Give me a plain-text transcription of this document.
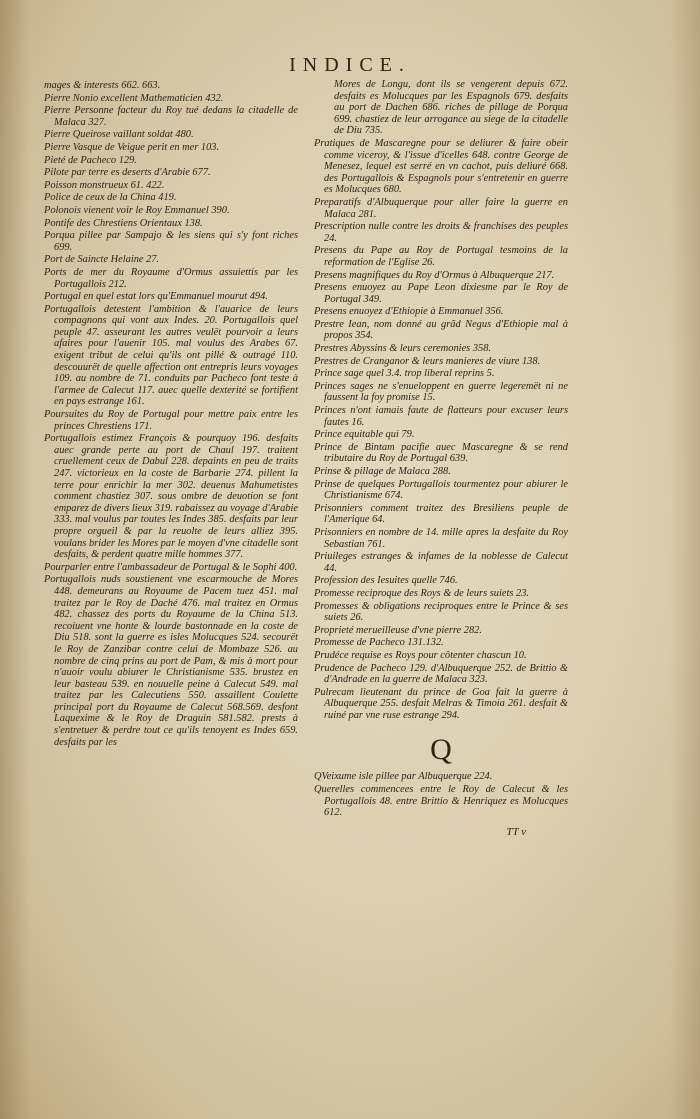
INDICE.

mages & interests 662. 663.

Pierre Nonio excellent Mathematicien 432.

Pierre Personne facteur du Roy tué dedans la citadelle de Malaca 327.

Pierre Queirose vaillant soldat 480.

Pierre Vasque de Veigue perit en mer 103.

Pieté de Pacheco 129.

Pilote par terre es deserts d'Arabie 677.

Poisson monstrueux 61. 422.

Police de ceux de la China 419.

Polonois vienent voir le Roy Emmanuel 390.

Pontife des Chrestiens Orientaux 138.

Porqua pillee par Sampajo & les siens qui s'y font riches 699.

Port de Saincte Helaine 27.

Ports de mer du Royaume d'Ormus assuiettis par les Portugallois 212.

Portugal en quel estat lors qu'Emmanuel mourut 494.

Portugallois detestent l'ambition & l'auarice de leurs compagnons qui vont aux Indes. 20. Portugallois quel peuple 47. asseurant les autres veulët pourvoir a leurs afaires pour l'auenir 105. mal voulus des Arabes 67. exigent tribut de celui qu'ils ont pillé & outragé 110. descouurët de quelle affection ont entrepris leurs voyages 109. au nombre de 71. conduits par Pacheco font teste à l'armee de Calecut 117. auec quelle dexterité se fortifient en pays estrange 161.

Poursuites du Roy de Portugal pour mettre paix entre les princes Chrestiens 171.

Portugallois estimez François & pourquoy 196. desfaits auec grande perte au port de Chaul 197. traitent cruellement ceux de Dabul 228. depaints en peu de traits 247. victorieux en la coste de Barbarie 274. pillent la terre pour enrichir la mer 302. deuenus Mahumetistes comment chastiez 307. sous ombre de deuotion se font emparez de divers lieux 319. rabaissez au voyage d'Arabie 333. mal voulus par toutes les Indes 385. desfaits par leur propre orgueil & par la reuolte de leurs alliez 395. voulans brider les Mores par le moyen d'vne citadelle sont desfaits, & perdent quatre mille hommes 377.

Pourparler entre l'ambassadeur de Portugal & le Sophi 400.

Portugallois nuds soustienent vne escarmouche de Mores 448. demeurans au Royaume de Pacem tuez 451. mal traitez par le Roy de Daché 476. mal traitez en Ormus 482. chassez des ports du Royaume de la China 513. recoiuent vne honte & lourde bastonnade en la coste de Diu 518. sont la guerre es isles Molucques 524. secourët le Roy de Zanzibar contre celui de Mombaze 526. au nombre de cinq prins au port de Pam, & mis à mort pour n'auoir voulu abiurer le Christianisme 535. brustez en leur basteau 539. en nouuelle peine à Calecut 549. mal traitez par les Calecutiens 550. assaillent Coulette principal port du Royaume de Calecut 568.569. desfont Laquexime & le Roy de Draguin 581.582. prests à s'entretuer & perdre tout ce qu'ils tenoyent es Indes 659. desfaits par les

Mores de Longu, dont ils se vengerent depuis 672. desfaits es Molucques par les Espagnols 679. desfaits au port de Dachen 686. riches de pillage de Porqua 699. chastiez de leur arrogance au siege de la citadelle de Diu 735.

Pratiques de Mascaregne pour se deliurer & faire obeir comme viceroy, & l'issue d'icelles 648. contre George de Menesez, lequel est serré en vn cachot, puis deliuré 668. des Portugallois & Espagnols pour s'entretenir en guerre es Molucques 680.

Preparatifs d'Albuquerque pour aller faire la guerre en Malaca 281.

Prescription nulle contre les droits & franchises des peuples 24.

Presens du Pape au Roy de Portugal tesmoins de la reformation de l'Eglise 26.

Presens magnifiques du Roy d'Ormus à Albuquerque 217.

Presens enuoyez au Pape Leon dixiesme par le Roy de Portugal 349.

Presens enuoyez d'Ethiopie à Emmanuel 356.

Prestre Iean, nom donné au grãd Negus d'Ethiopie mal à propos 354.

Prestres Abyssins & leurs ceremonies 358.

Prestres de Cranganor & leurs manieres de viure 138.

Prince sage quel 3.4. trop liberal reprins 5.

Princes sages ne s'enueloppent en guerre legeremët ni ne faussent la foy promise 15.

Princes n'ont iamais faute de flatteurs pour excuser leurs fautes 16.

Prince equitable qui 79.

Prince de Bintam pacifie auec Mascaregne & se rend tributaire du Roy de Portugal 639.

Prinse & pillage de Malaca 288.

Prinse de quelques Portugallois tourmentez pour abiurer le Christianisme 674.

Prisonniers comment traitez des Bresiliens peuple de l'Amerique 64.

Prisonniers en nombre de 14. mille apres la desfaite du Roy Sebastian 761.

Priuileges estranges & infames de la noblesse de Calecut 44.

Profession des Iesuites quelle 746.

Promesse reciproque des Roys & de leurs suiets 23.

Promesses & obligations reciproques entre le Prince & ses suiets 26.

Proprieté merueilleuse d'vne pierre 282.

Promesse de Pacheco 131.132.

Prudéce requise es Roys pour côtenter chascun 10.

Prudence de Pacheco 129. d'Albuquerque 252. de Brittio & d'Andrade en la guerre de Malaca 323.

Pulrecam lieutenant du prince de Goa fait la guerre à Albuquerque 255. desfait Melras & Timoia 261. desfait & ruiné par vne ruse estrange 294.

Q

QVeixume isle pillee par Albuquerque 224.

Querelles commencees entre le Roy de Calecut & les Portugallois 48. entre Brittio & Henriquez es Molucques 612.

TT v
